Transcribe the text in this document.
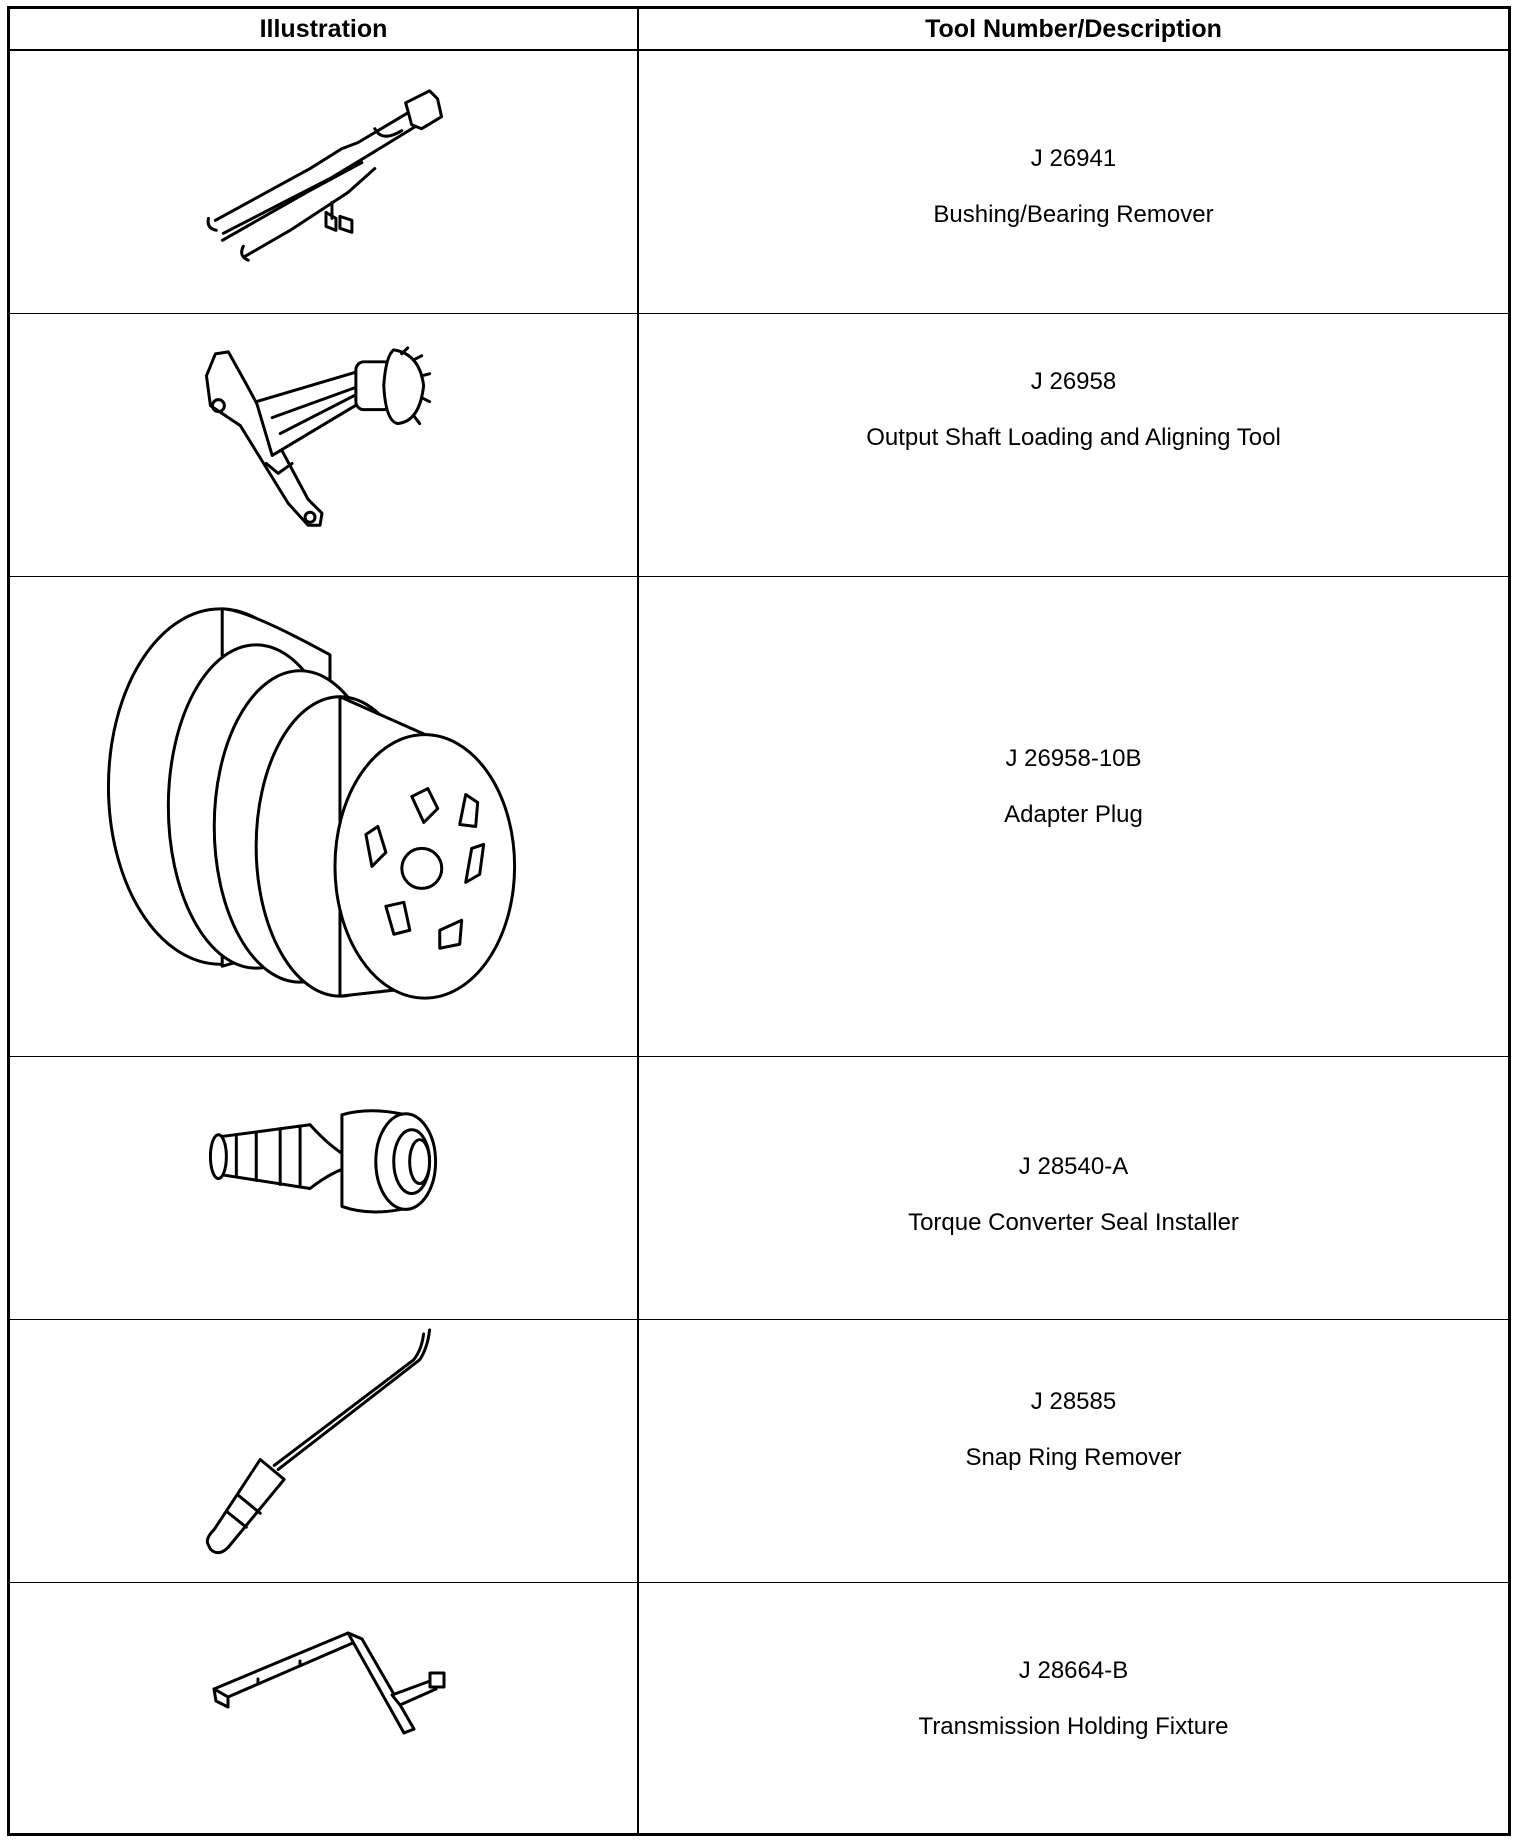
Illustration	Tool Number/Description
J 26941
Bushing/Bearing Remover
J 26958
Output Shaft Loading and Aligning Tool
J 26958-10B
Adapter Plug
J 28540-A
Torque Converter Seal Installer
J 28585
Snap Ring Remover
J 28664-B
Transmission Holding Fixture
